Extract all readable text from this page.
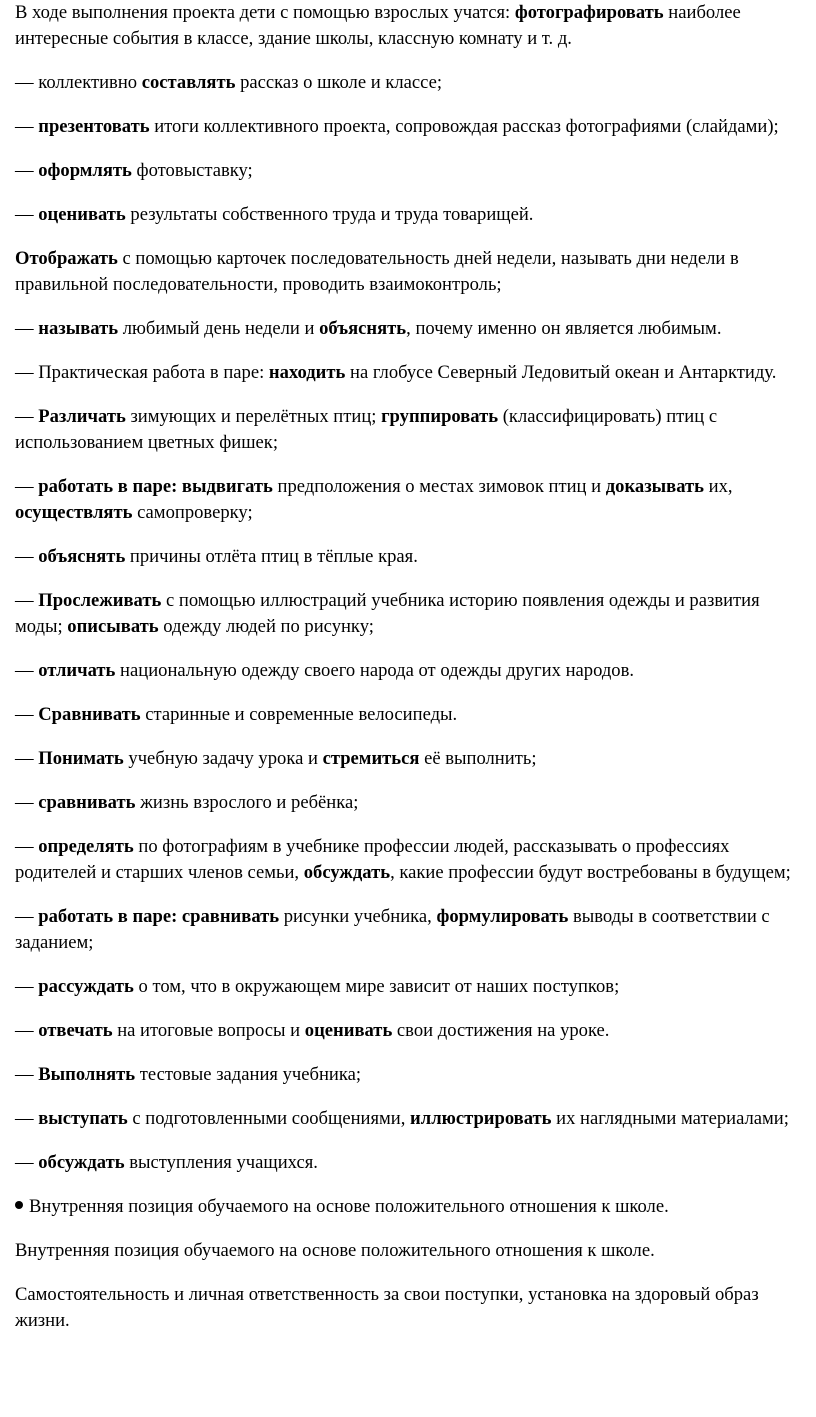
В ходе выполнения проекта дети с помощью взрослых учатся: фотографировать наиболее интересные события в классе, здание школы, классную комнату и т. д.

— коллективно составлять рассказ о школе и классе;

— презентовать итоги коллективного проекта, сопровождая рассказ фотографиями (слайдами);

— оформлять фотовыставку;

— оценивать результаты собственного труда и труда товарищей.

Отображать с помощью карточек последовательность дней недели, называть дни недели в правильной последовательности, проводить взаимоконтроль;

— называть любимый день недели и объяснять, почему именно он является любимым.

— Практическая работа в паре: находить на глобусе Северный Ледовитый океан и Антарктиду.

— Различать зимующих и перелётных птиц; группировать (классифицировать) птиц с использованием цветных фишек;

— работать в паре: выдвигать предположения о местах зимовок птиц и доказывать их, осуществлять самопроверку;

— объяснять причины отлёта птиц в тёплые края.

— Прослеживать с помощью иллюстраций учебника историю появления одежды и развития моды; описывать одежду людей по рисунку;

— отличать национальную одежду своего народа от одежды других народов.

— Сравнивать старинные и современные велосипеды.

— Понимать учебную задачу урока и стремиться её выполнить;

— сравнивать жизнь взрослого и ребёнка;

— определять по фотографиям в учебнике профессии людей, рассказывать о профессиях родителей и старших членов семьи, обсуждать, какие профессии будут востребованы в будущем;

— работать в паре: сравнивать рисунки учебника, формулировать выводы в соответствии с заданием;

— рассуждать о том, что в окружающем мире зависит от наших поступков;

— отвечать на итоговые вопросы и оценивать свои достижения на уроке.

— Выполнять тестовые задания учебника;

— выступать с подготовленными сообщениями, иллюстрировать их наглядными материалами;

— обсуждать выступления учащихся.

Внутренняя позиция обучаемого на основе положительного отношения к школе.

Внутренняя позиция обучаемого на основе положительного отношения к школе.

Самостоятельность и личная ответственность за свои поступки, установка на здоровый образ жизни.
